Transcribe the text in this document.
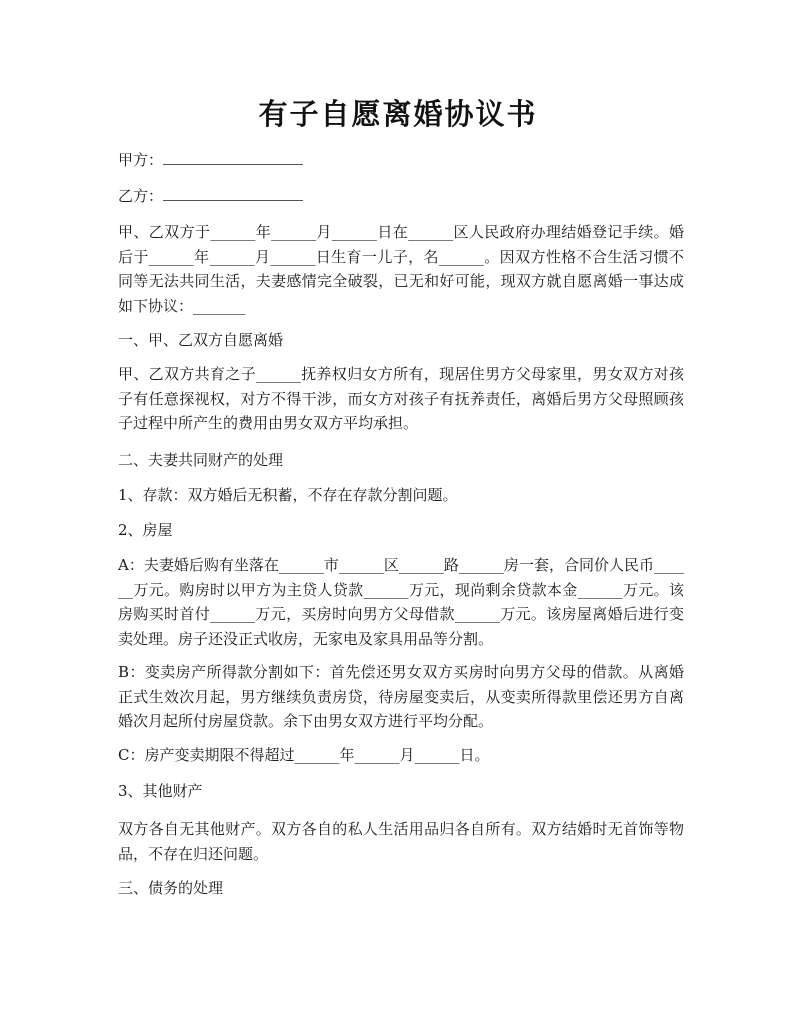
有子自愿离婚协议书
甲方：
乙方：
甲、乙双方于______年______月______日在______区人民政府办理结婚登记手续。婚后于______年______月______日生育一儿子，名______。因双方性格不合生活习惯不同等无法共同生活，夫妻感情完全破裂，已无和好可能，现双方就自愿离婚一事达成如下协议：_______
一、甲、乙双方自愿离婚
甲、乙双方共育之子______抚养权归女方所有，现居住男方父母家里，男女双方对孩子有任意探视权，对方不得干涉，而女方对孩子有抚养责任，离婚后男方父母照顾孩子过程中所产生的费用由男女双方平均承担。
二、夫妻共同财产的处理
1、存款：双方婚后无积蓄，不存在存款分割问题。
2、房屋
A：夫妻婚后购有坐落在______市______区______路______房一套，合同价人民币______万元。购房时以甲方为主贷人贷款______万元，现尚剩余贷款本金______万元。该房购买时首付______万元，买房时向男方父母借款______万元。该房屋离婚后进行变卖处理。房子还没正式收房，无家电及家具用品等分割。
B：变卖房产所得款分割如下：首先偿还男女双方买房时向男方父母的借款。从离婚正式生效次月起，男方继续负责房贷，待房屋变卖后，从变卖所得款里偿还男方自离婚次月起所付房屋贷款。余下由男女双方进行平均分配。
C：房产变卖期限不得超过______年______月______日。
3、其他财产
双方各自无其他财产。双方各自的私人生活用品归各自所有。双方结婚时无首饰等物品，不存在归还问题。
三、债务的处理
